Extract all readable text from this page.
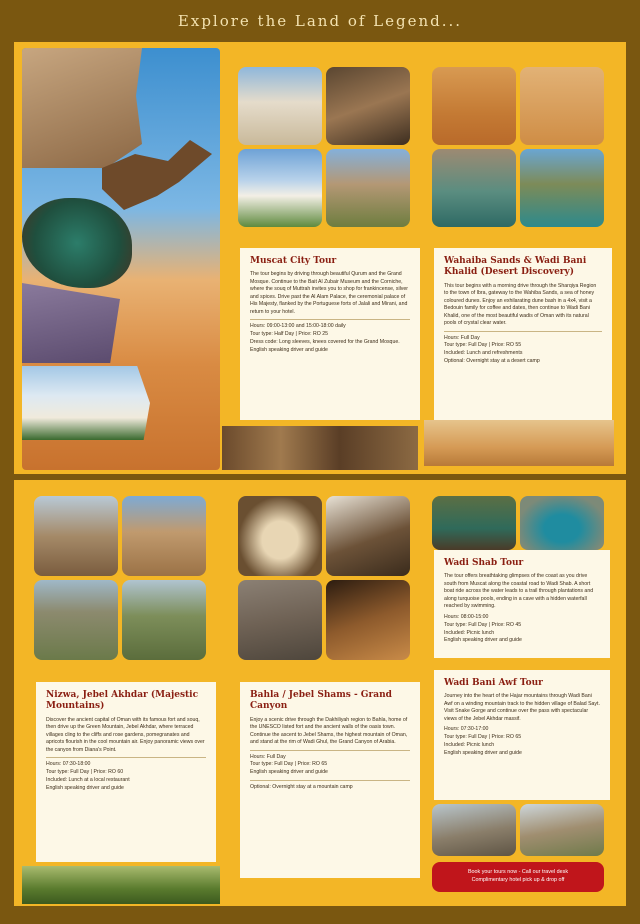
Explore the Land of Legend...
Muscat City Tour

The tour begins by driving through beautiful Qurum and the Grand Mosque. Continue to the Bait Al Zubair Museum and the Corniche, where the souq of Muttrah invites you to shop for frankincense, silver and spices. Drive past the Al Alam Palace, the ceremonial palace of His Majesty, flanked by the Portuguese forts of Jalali and Mirani, and return to your hotel.

Hours: 09:00-13:00 and 15:00-18:00 daily
Tour type: Half Day | Price: RO 25
Dress code: Long sleeves, knees covered for the Grand Mosque.
English speaking driver and guide
Wahaiba Sands & Wadi Bani Khalid (Desert Discovery)

This tour begins with a morning drive through the Sharqiya Region to the town of Ibra, gateway to the Wahiba Sands, a sea of honey coloured dunes. Enjoy an exhilarating dune bash in a 4x4, visit a Bedouin family for coffee and dates, then continue to Wadi Bani Khalid, one of the most beautiful wadis of Oman with its natural pools of crystal clear water.

Hours: Full Day
Tour type: Full Day | Price: RO 55
Included: Lunch and refreshments
Optional: Overnight stay at a desert camp
Wadi Shab Tour

The tour offers breathtaking glimpses of the coast as you drive south from Muscat along the coastal road to Wadi Shab. A short boat ride across the water leads to a trail through plantations and along turquoise pools, ending in a cave with a hidden waterfall reached by swimming.

Hours: 08:00-15:00
Tour type: Full Day | Price: RO 45
Included: Picnic lunch
English speaking driver and guide
Nizwa, Jebel Akhdar (Majestic Mountains)

Discover the ancient capital of Oman with its famous fort and souq, then drive up the Green Mountain, Jebel Akhdar, where terraced villages cling to the cliffs and rose gardens, pomegranates and apricots flourish in the cool mountain air. Enjoy panoramic views over the canyon from Diana's Point.

Hours: 07:30-18:00
Tour type: Full Day | Price: RO 60
Included: Lunch at a local restaurant
English speaking driver and guide
Bahla / Jebel Shams - Grand Canyon

Enjoy a scenic drive through the Dakhiliyah region to Bahla, home of the UNESCO listed fort and the ancient walls of the oasis town. Continue the ascent to Jebel Shams, the highest mountain of Oman, and stand at the rim of Wadi Ghul, the Grand Canyon of Arabia.

Hours: Full Day
Tour type: Full Day | Price: RO 65
English speaking driver and guide
Optional: Overnight stay at a mountain camp
Wadi Bani Awf Tour

Journey into the heart of the Hajar mountains through Wadi Bani Awf on a winding mountain track to the hidden village of Balad Sayt. Visit Snake Gorge and continue over the pass with spectacular views of the Jebel Akhdar massif.

Hours: 07:30-17:00
Tour type: Full Day | Price: RO 65
Included: Picnic lunch
English speaking driver and guide
Book your tours now - Call our travel desk
Complimentary hotel pick up & drop off
